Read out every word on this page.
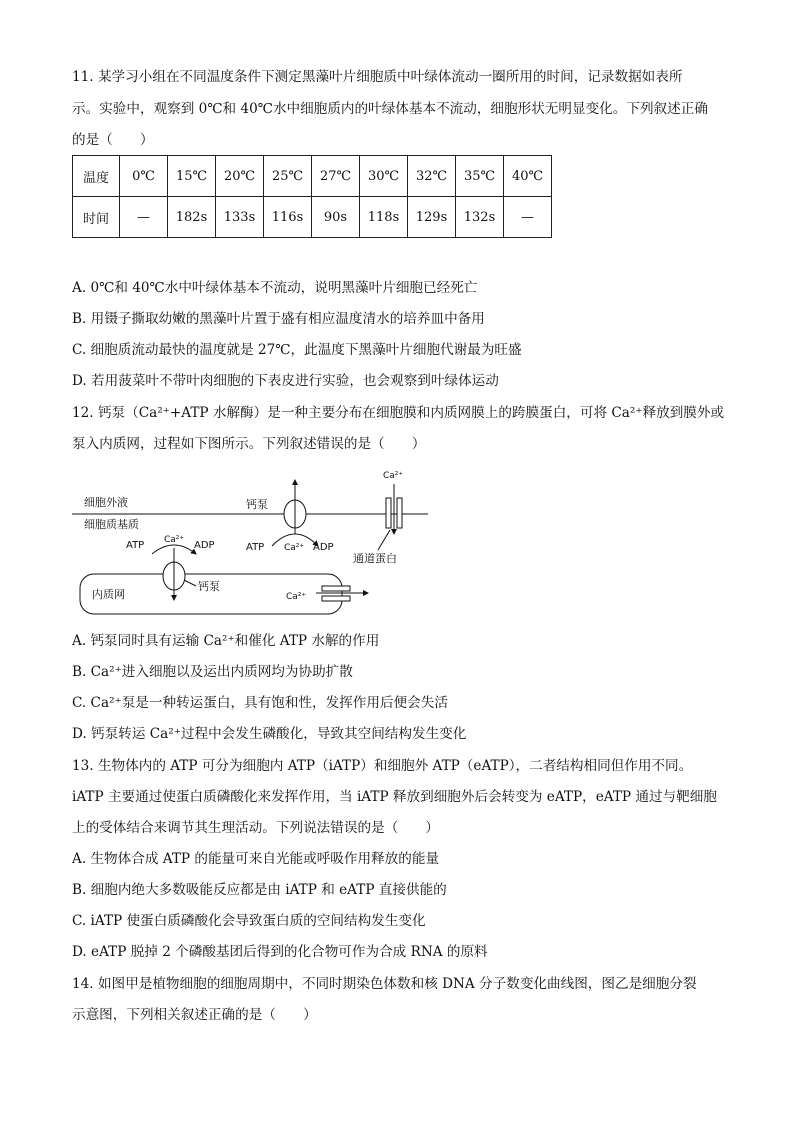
11. 某学习小组在不同温度条件下测定黑藻叶片细胞质中叶绿体流动一圈所用的时间，记录数据如表所
示。实验中，观察到 0℃和 40℃水中细胞质内的叶绿体基本不流动，细胞形状无明显变化。下列叙述正确
的是（　　）
温度	0℃	15℃	20℃	25℃	27℃	30℃	32℃	35℃	40℃
时间	—	182s	133s	116s	90s	118s	129s	132s	—
A. 0℃和 40℃水中叶绿体基本不流动，说明黑藻叶片细胞已经死亡
B. 用镊子撕取幼嫩的黑藻叶片置于盛有相应温度清水的培养皿中备用
C. 细胞质流动最快的温度就是 27℃，此温度下黑藻叶片细胞代谢最为旺盛
D. 若用菠菜叶不带叶肉细胞的下表皮进行实验，也会观察到叶绿体运动
12. 钙泵（Ca²⁺+ATP 水解酶）是一种主要分布在细胞膜和内质网膜上的跨膜蛋白，可将 Ca²⁺释放到膜外或
泵入内质网，过程如下图所示。下列叙述错误的是（　　）
细胞外液
细胞质基质
钙泵
ATP Ca²⁺ ADP
Ca²⁺
通道蛋白
内质网
ATP Ca²⁺ ADP
钙泵
Ca²⁺
A. 钙泵同时具有运输 Ca²⁺和催化 ATP 水解的作用
B. Ca²⁺进入细胞以及运出内质网均为协助扩散
C. Ca²⁺泵是一种转运蛋白，具有饱和性，发挥作用后便会失活
D. 钙泵转运 Ca²⁺过程中会发生磷酸化，导致其空间结构发生变化
13. 生物体内的 ATP 可分为细胞内 ATP（iATP）和细胞外 ATP（eATP），二者结构相同但作用不同。
iATP 主要通过使蛋白质磷酸化来发挥作用，当 iATP 释放到细胞外后会转变为 eATP，eATP 通过与靶细胞
上的受体结合来调节其生理活动。下列说法错误的是（　　）
A. 生物体合成 ATP 的能量可来自光能或呼吸作用释放的能量
B. 细胞内绝大多数吸能反应都是由 iATP 和 eATP 直接供能的
C. iATP 使蛋白质磷酸化会导致蛋白质的空间结构发生变化
D. eATP 脱掉 2 个磷酸基团后得到的化合物可作为合成 RNA 的原料
14. 如图甲是植物细胞的细胞周期中，不同时期染色体数和核 DNA 分子数变化曲线图，图乙是细胞分裂
示意图，下列相关叙述正确的是（　　）
